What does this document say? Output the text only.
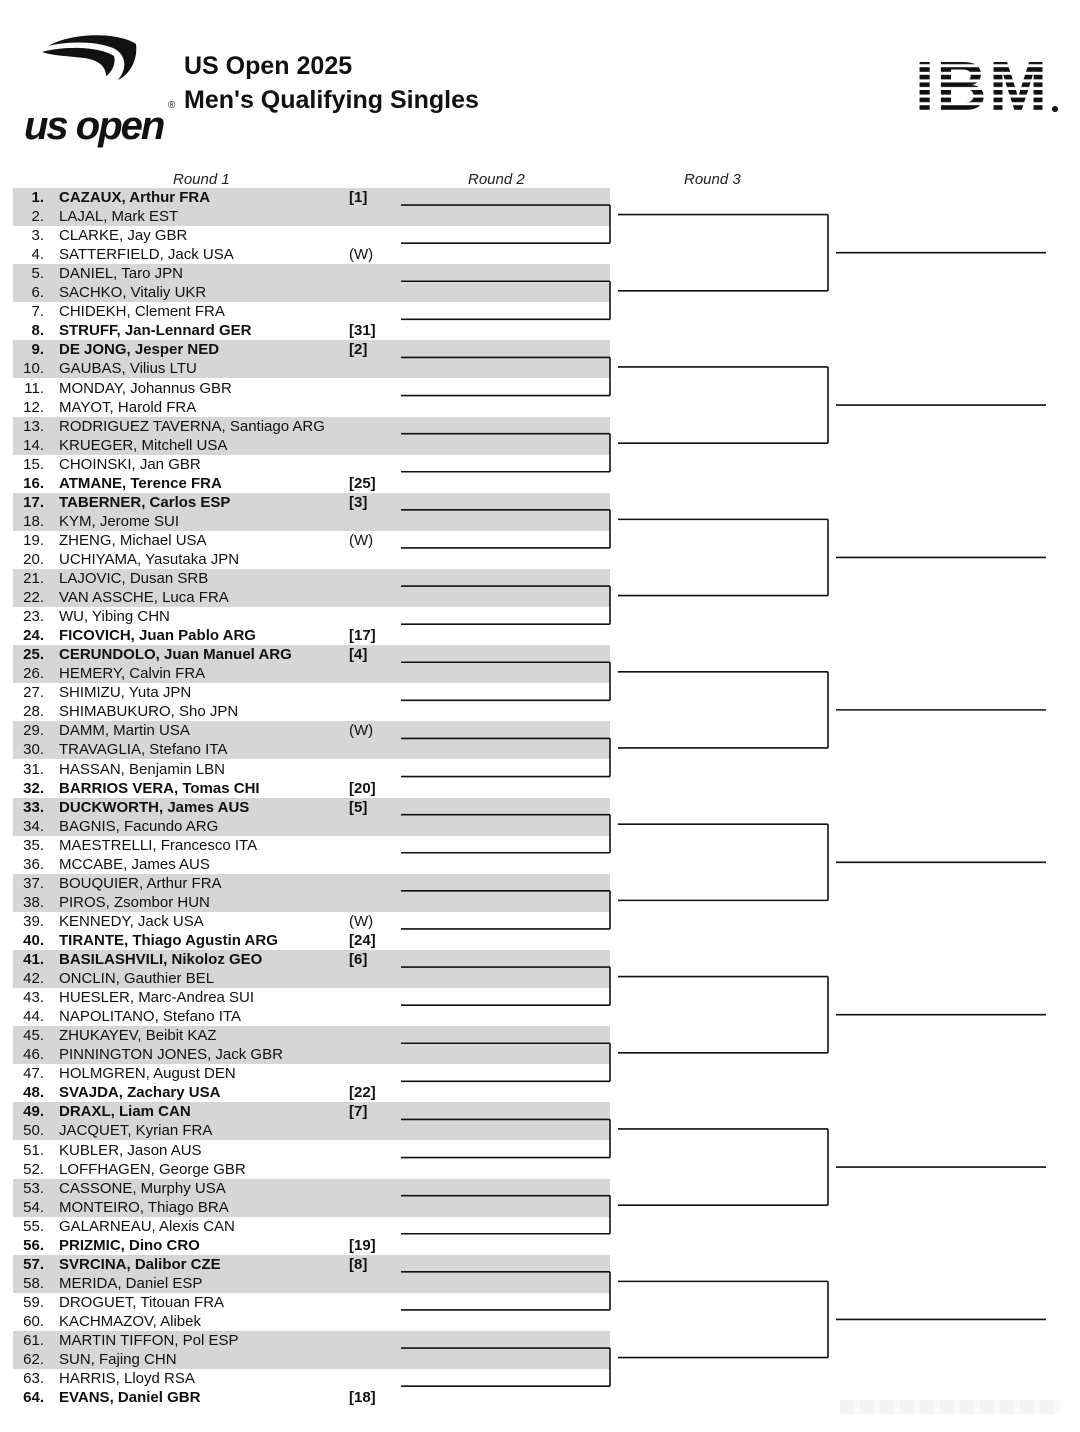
us open ®
US Open 2025
Men's Qualifying Singles
Round 1	Round 2	Round 3
1. CAZAUX, Arthur FRA	[1]
2. LAJAL, Mark EST
3. CLARKE, Jay GBR
4. SATTERFIELD, Jack USA	(W)
5. DANIEL, Taro JPN
6. SACHKO, Vitaliy UKR
7. CHIDEKH, Clement FRA
8. STRUFF, Jan-Lennard GER	[31]
9. DE JONG, Jesper NED	[2]
10. GAUBAS, Vilius LTU
11. MONDAY, Johannus GBR
12. MAYOT, Harold FRA
13. RODRIGUEZ TAVERNA, Santiago ARG
14. KRUEGER, Mitchell USA
15. CHOINSKI, Jan GBR
16. ATMANE, Terence FRA	[25]
17. TABERNER, Carlos ESP	[3]
18. KYM, Jerome SUI
19. ZHENG, Michael USA	(W)
20. UCHIYAMA, Yasutaka JPN
21. LAJOVIC, Dusan SRB
22. VAN ASSCHE, Luca FRA
23. WU, Yibing CHN
24. FICOVICH, Juan Pablo ARG	[17]
25. CERUNDOLO, Juan Manuel ARG	[4]
26. HEMERY, Calvin FRA
27. SHIMIZU, Yuta JPN
28. SHIMABUKURO, Sho JPN
29. DAMM, Martin USA	(W)
30. TRAVAGLIA, Stefano ITA
31. HASSAN, Benjamin LBN
32. BARRIOS VERA, Tomas CHI	[20]
33. DUCKWORTH, James AUS	[5]
34. BAGNIS, Facundo ARG
35. MAESTRELLI, Francesco ITA
36. MCCABE, James AUS
37. BOUQUIER, Arthur FRA
38. PIROS, Zsombor HUN
39. KENNEDY, Jack USA	(W)
40. TIRANTE, Thiago Agustin ARG	[24]
41. BASILASHVILI, Nikoloz GEO	[6]
42. ONCLIN, Gauthier BEL
43. HUESLER, Marc-Andrea SUI
44. NAPOLITANO, Stefano ITA
45. ZHUKAYEV, Beibit KAZ
46. PINNINGTON JONES, Jack GBR
47. HOLMGREN, August DEN
48. SVAJDA, Zachary USA	[22]
49. DRAXL, Liam CAN	[7]
50. JACQUET, Kyrian FRA
51. KUBLER, Jason AUS
52. LOFFHAGEN, George GBR
53. CASSONE, Murphy USA
54. MONTEIRO, Thiago BRA
55. GALARNEAU, Alexis CAN
56. PRIZMIC, Dino CRO	[19]
57. SVRCINA, Dalibor CZE	[8]
58. MERIDA, Daniel ESP
59. DROGUET, Titouan FRA
60. KACHMAZOV, Alibek
61. MARTIN TIFFON, Pol ESP
62. SUN, Fajing CHN
63. HARRIS, Lloyd RSA
64. EVANS, Daniel GBR	[18]
